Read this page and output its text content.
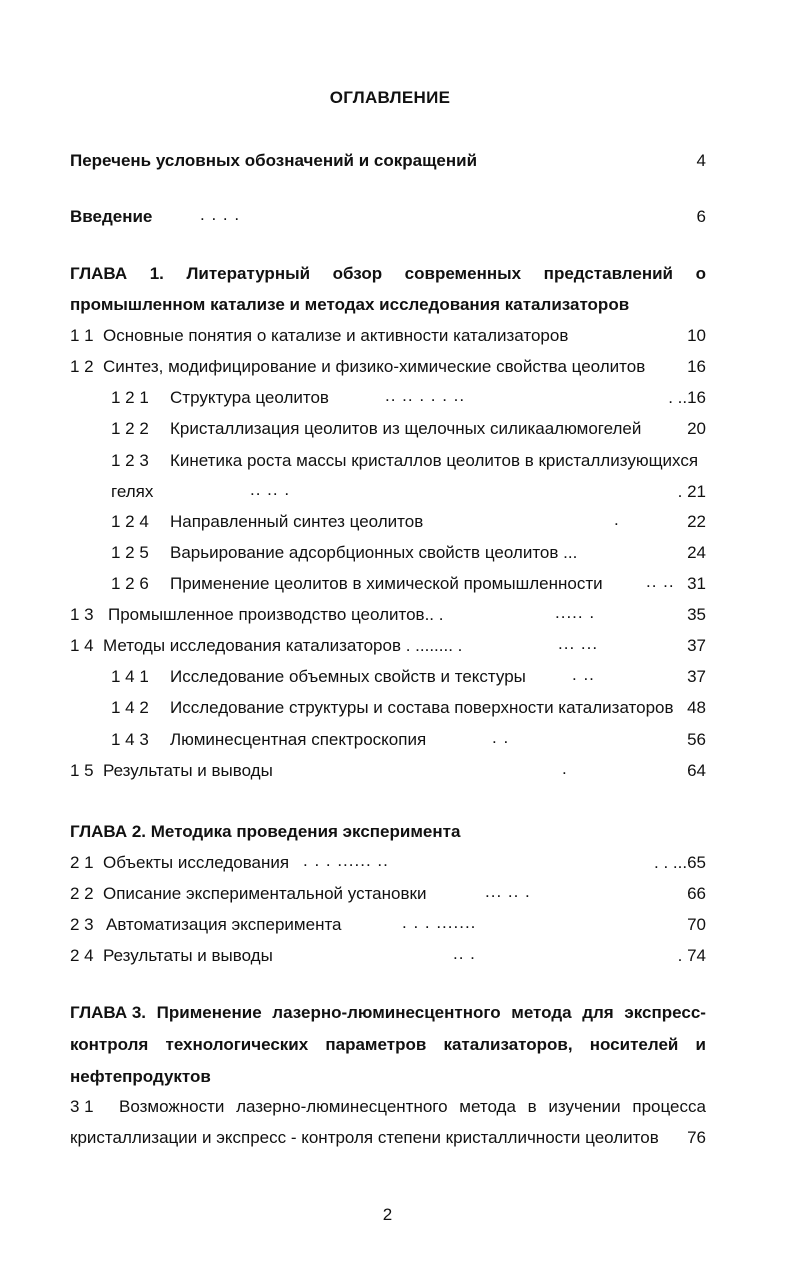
ОГЛАВЛЕНИЕ
Перечень условных обозначений и сокращений	4
Введение	. . . .	6
ГЛАВА 1. Литературный обзор современных представлений о
промышленном катализе и методах исследования катализаторов
1 1 Основные понятия о катализе и активности катализаторов	10
1 2 Синтез, модифицирование и физико-химические свойства цеолитов 16
1 2 1 Структура цеолитов	.. .. . . . ..	. ..16
1 2 2 Кристаллизация цеолитов из щелочных силикаалюмогелей	20
1 2 3 Кинетика роста массы кристаллов цеолитов в кристаллизующихся
гелях	.. .. .	. 21
1 2 4 Направленный синтез цеолитов	.	22
1 2 5 Варьирование адсорбционных свойств цеолитов ...	24
1 2 6 Применение цеолитов в химической промышленности	.. .. 31
1 3 Промышленное производство цеолитов.. .	..... .	35
1 4 Методы исследования катализаторов . ........ .	... ...	37
1 4 1 Исследование объемных свойств и текстуры	. ..	37
1 4 2 Исследование структуры и состава поверхности катализаторов 48
1 4 3 Люминесцентная спектроскопия	. .	56
1 5 Результаты и выводы	.	64
ГЛАВА 2. Методика проведения эксперимента
2 1 Объекты исследования . . . ...... ..	. . ...65
2 2 Описание экспериментальной установки	... .. .	66
2 3 Автоматизация эксперимента	. . . .......	70
2 4 Результаты и выводы	.. .	. 74
ГЛАВА 3. Применение лазерно-люминесцентного метода для экспресс-
контроля технологических параметров катализаторов, носителей и
нефтепродуктов
3 1 Возможности лазерно-люминесцентного метода в изучении процесса
кристаллизации и экспресс - контроля степени кристалличности цеолитов 76
2
